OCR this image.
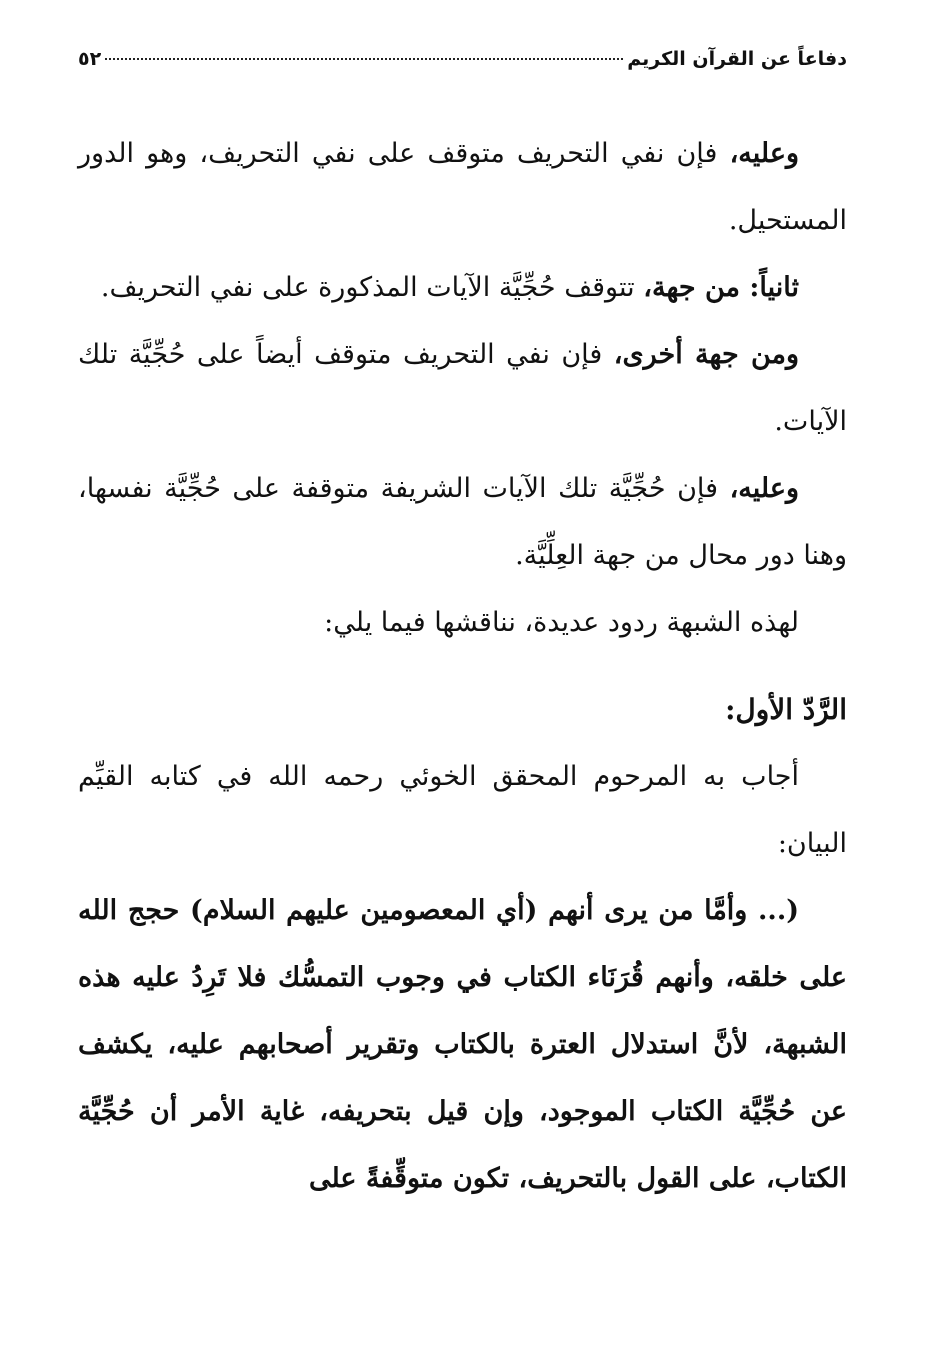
٥٢	دفاعاً عن القرآن الكريم

وعليه، فإن نفي التحريف متوقف على نفي التحريف، وهو الدور المستحيل.

ثانياً: من جهة، تتوقف حُجِّيَّة الآيات المذكورة على نفي التحريف.

ومن جهة أخرى، فإن نفي التحريف متوقف أيضاً على حُجِّيَّة تلك الآيات.

وعليه، فإن حُجِّيَّة تلك الآيات الشريفة متوقفة على حُجِّيَّة نفسها، وهنا دور محال من جهة العِلِّيَّة.

لهذه الشبهة ردود عديدة، نناقشها فيما يلي:

الرَّدّ الأول:

أجاب به المرحوم المحقق الخوئي رحمه الله في كتابه القيِّم البيان:

(... وأمَّا من يرى أنهم (أي المعصومين عليهم السلام) حجج الله على خلقه، وأنهم قُرَنَاء الكتاب في وجوب التمسُّك فلا تَرِدُ عليه هذه الشبهة، لأنَّ استدلال العترة بالكتاب وتقرير أصحابهم عليه، يكشف عن حُجِّيَّة الكتاب الموجود، وإن قيل بتحريفه، غاية الأمر أن حُجِّيَّة الكتاب، على القول بالتحريف، تكون متوقِّفةً على
